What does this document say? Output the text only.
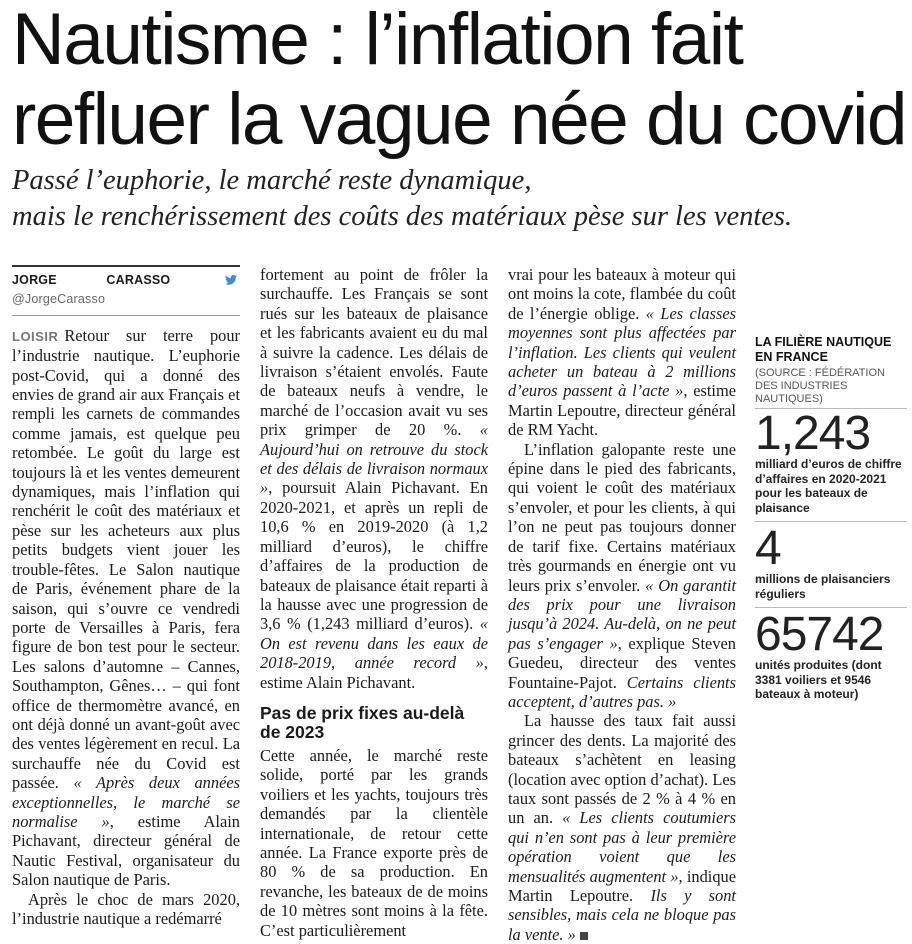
Nautisme : l’inflation fait
refluer la vague née du covid
Passé l’euphorie, le marché reste dynamique,
mais le renchérissement des coûts des matériaux pèse sur les ventes.
JORGE CARASSO  @JorgeCarasso

LOISIR Retour sur terre pour l’industrie nautique. L’euphorie post-Covid, qui a donné des envies de grand air aux Français et rempli les carnets de commandes comme jamais, est quelque peu retombée. Le goût du large est toujours là et les ventes demeurent dynamiques, mais l’inflation qui renchérit le coût des matériaux et pèse sur les acheteurs aux plus petits budgets vient jouer les trouble-fêtes. Le Salon nautique de Paris, événement phare de la saison, qui s’ouvre ce vendredi porte de Versailles à Paris, fera figure de bon test pour le secteur. Les salons d’automne – Cannes, Southampton, Gênes… – qui font office de thermomètre avancé, en ont déjà donné un avant-goût avec des ventes légèrement en recul. La surchauffe née du Covid est passée. « Après deux années exceptionnelles, le marché se normalise », estime Alain Pichavant, directeur général de Nautic Festival, organisateur du Salon nautique de Paris.

Après le choc de mars 2020, l’industrie nautique a redémarré

fortement au point de frôler la surchauffe. Les Français se sont rués sur les bateaux de plaisance et les fabricants avaient eu du mal à suivre la cadence. Les délais de livraison s’étaient envolés. Faute de bateaux neufs à vendre, le marché de l’occasion avait vu ses prix grimper de 20 %. « Aujourd’hui on retrouve du stock et des délais de livraison normaux », poursuit Alain Pichavant. En 2020-2021, et après un repli de 10,6 % en 2019-2020 (à 1,2 milliard d’euros), le chiffre d’affaires de la production de bateaux de plaisance était reparti à la hausse avec une progression de 3,6 % (1,243 milliard d’euros). « On est revenu dans les eaux de 2018-2019, année record », estime Alain Pichavant.

Pas de prix fixes au-delà de 2023

Cette année, le marché reste solide, porté par les grands voiliers et les yachts, toujours très demandés par la clientèle internationale, de retour cette année. La France exporte près de 80 % de sa production. En revanche, les bateaux de de moins de 10 mètres sont moins à la fête. C’est particulièrement

vrai pour les bateaux à moteur qui ont moins la cote, flambée du coût de l’énergie oblige. « Les classes moyennes sont plus affectées par l’inflation. Les clients qui veulent acheter un bateau à 2 millions d’euros passent à l’acte », estime Martin Lepoutre, directeur général de RM Yacht.

L’inflation galopante reste une épine dans le pied des fabricants, qui voient le coût des matériaux s’envoler, et pour les clients, à qui l’on ne peut pas toujours donner de tarif fixe. Certains matériaux très gourmands en énergie ont vu leurs prix s’envoler. « On garantit des prix pour une livraison jusqu’à 2024. Au-delà, on ne peut pas s’engager », explique Steven Guedeu, directeur des ventes Fountaine-Pajot. Certains clients acceptent, d’autres pas. »

La hausse des taux fait aussi grincer des dents. La majorité des bateaux s’achètent en leasing (location avec option d’achat). Les taux sont passés de 2 % à 4 % en un an. « Les clients coutumiers qui n’en sont pas à leur première opération voient que les mensualités augmentent », indique Martin Lepoutre. Ils y sont sensibles, mais cela ne bloque pas la vente. »

LA FILIÈRE NAUTIQUE EN FRANCE
(SOURCE : FÉDÉRATION DES INDUSTRIES NAUTIQUES)
1,243
milliard d’euros de chiffre d’affaires en 2020-2021 pour les bateaux de plaisance
4
millions de plaisanciers réguliers
65742
unités produites (dont 3381 voiliers et 9546 bateaux à moteur)
